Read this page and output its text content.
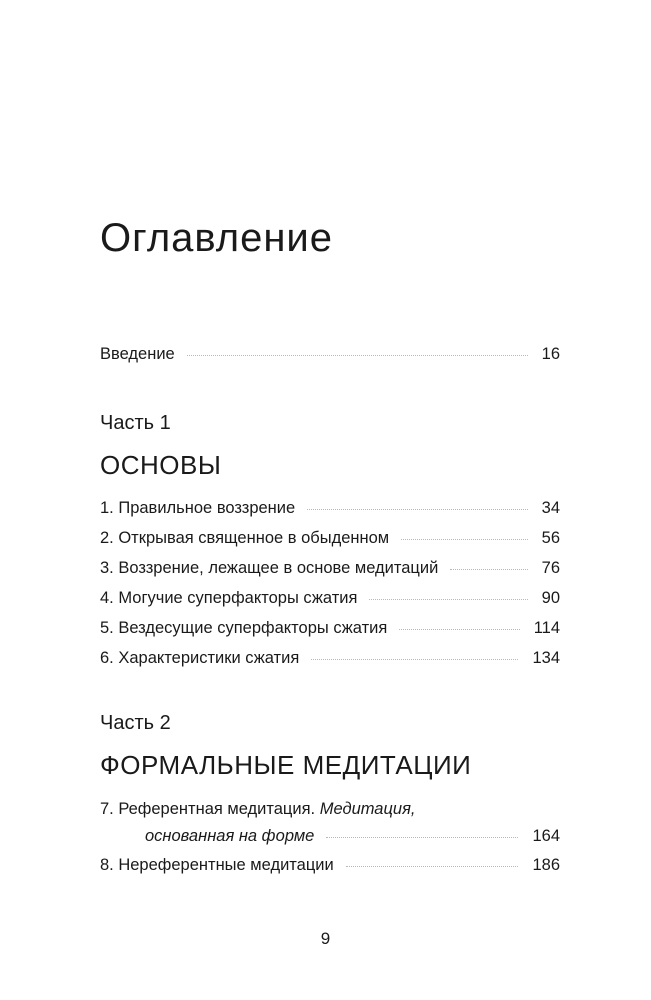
Оглавление
Введение	16
Часть 1
ОСНОВЫ
1. Правильное воззрение	34
2. Открывая священное в обыденном	56
3. Воззрение, лежащее в основе медитаций	76
4. Могучие суперфакторы сжатия	90
5. Вездесущие суперфакторы сжатия	114
6. Характеристики сжатия	134
Часть 2
ФОРМАЛЬНЫЕ МЕДИТАЦИИ
7. Референтная медитация. Медитация,
основанная на форме	164
8. Нереферентные медитации	186
9
